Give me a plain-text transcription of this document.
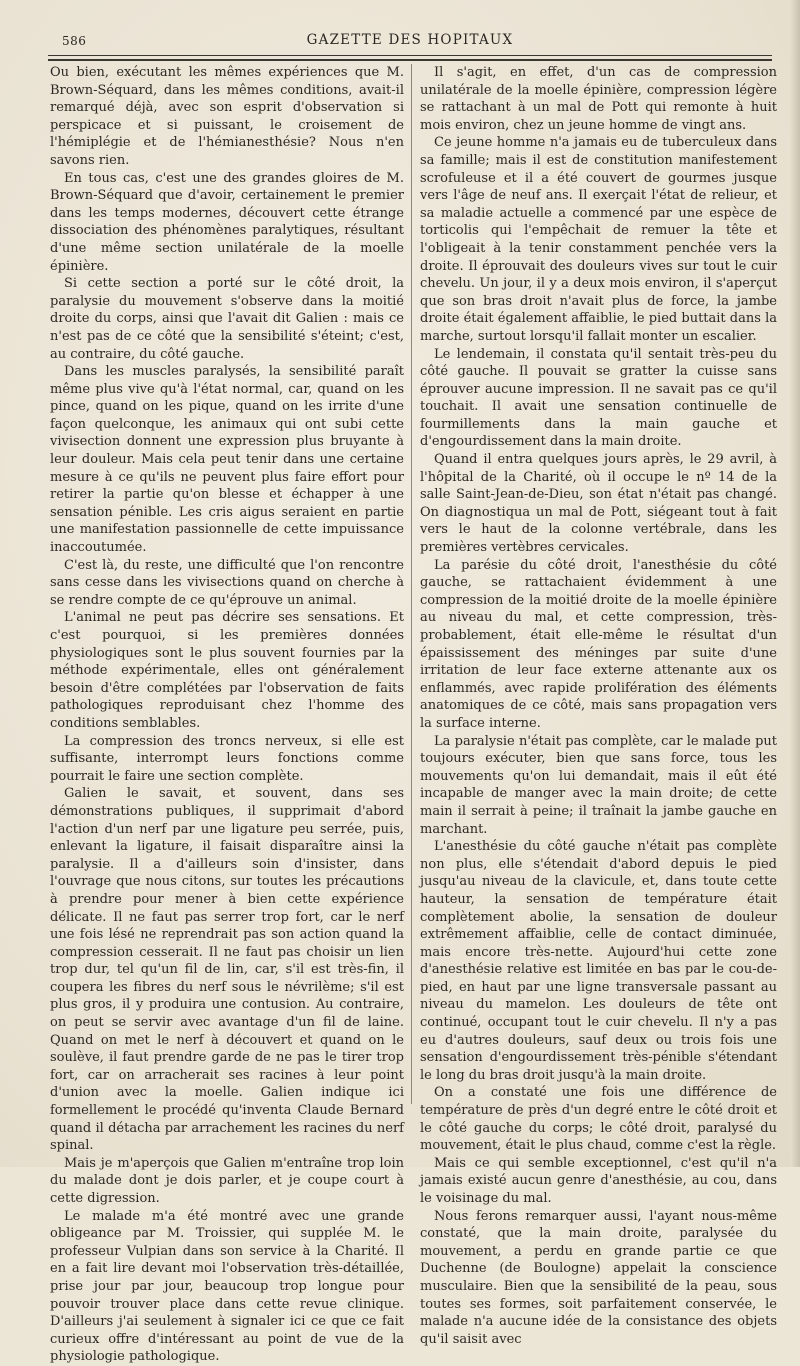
586	GAZETTE DES HOPITAUX

Ou bien, exécutant les mêmes expériences que M. Brown-Séquard, dans les mêmes conditions, avait-il remarqué déjà, avec son esprit d'observation si perspicace et si puissant, le croisement de l'hémiplégie et de l'hémianesthésie? Nous n'en savons rien.

En tous cas, c'est une des grandes gloires de M. Brown-Séquard que d'avoir, certainement le premier dans les temps modernes, découvert cette étrange dissociation des phénomènes paralytiques, résultant d'une même section unilatérale de la moelle épinière.

Si cette section a porté sur le côté droit, la paralysie du mouvement s'observe dans la moitié droite du corps, ainsi que l'avait dit Galien : mais ce n'est pas de ce côté que la sensibilité s'éteint; c'est, au contraire, du côté gauche.

Dans les muscles paralysés, la sensibilité paraît même plus vive qu'à l'état normal, car, quand on les pince, quand on les pique, quand on les irrite d'une façon quelconque, les animaux qui ont subi cette vivisection donnent une expression plus bruyante à leur douleur. Mais cela peut tenir dans une certaine mesure à ce qu'ils ne peuvent plus faire effort pour retirer la partie qu'on blesse et échapper à une sensation pénible. Les cris aigus seraient en partie une manifestation passionnelle de cette impuissance inaccoutumée.

C'est là, du reste, une difficulté que l'on rencontre sans cesse dans les vivisections quand on cherche à se rendre compte de ce qu'éprouve un animal.

L'animal ne peut pas décrire ses sensations. Et c'est pourquoi, si les premières données physiologiques sont le plus souvent fournies par la méthode expérimentale, elles ont généralement besoin d'être complétées par l'observation de faits pathologiques reproduisant chez l'homme des conditions semblables.

La compression des troncs nerveux, si elle est suffisante, interrompt leurs fonctions comme pourrait le faire une section complète.

Galien le savait, et souvent, dans ses démonstrations publiques, il supprimait d'abord l'action d'un nerf par une ligature peu serrée, puis, enlevant la ligature, il faisait disparaître ainsi la paralysie. Il a d'ailleurs soin d'insister, dans l'ouvrage que nous citons, sur toutes les précautions à prendre pour mener à bien cette expérience délicate. Il ne faut pas serrer trop fort, car le nerf une fois lésé ne reprendrait pas son action quand la compression cesserait. Il ne faut pas choisir un lien trop dur, tel qu'un fil de lin, car, s'il est très-fin, il coupera les fibres du nerf sous le névrilème; s'il est plus gros, il y produira une contusion. Au contraire, on peut se servir avec avantage d'un fil de laine. Quand on met le nerf à découvert et quand on le soulève, il faut prendre garde de ne pas le tirer trop fort, car on arracherait ses racines à leur point d'union avec la moelle. Galien indique ici formellement le procédé qu'inventa Claude Bernard quand il détacha par arrachement les racines du nerf spinal.

Mais je m'aperçois que Galien m'entraîne trop loin du malade dont je dois parler, et je coupe court à cette digression.

Le malade m'a été montré avec une grande obligeance par M. Troissier, qui supplée M. le professeur Vulpian dans son service à la Charité. Il en a fait lire devant moi l'observation très-détaillée, prise jour par jour, beaucoup trop longue pour pouvoir trouver place dans cette revue clinique. D'ailleurs j'ai seulement à signaler ici ce que ce fait curieux offre d'intéressant au point de vue de la physiologie pathologique.

Il s'agit, en effet, d'un cas de compression unilatérale de la moelle épinière, compression légère se rattachant à un mal de Pott qui remonte à huit mois environ, chez un jeune homme de vingt ans.

Ce jeune homme n'a jamais eu de tuberculeux dans sa famille; mais il est de constitution manifestement scrofuleuse et il a été couvert de gourmes jusque vers l'âge de neuf ans. Il exerçait l'état de relieur, et sa maladie actuelle a commencé par une espèce de torticolis qui l'empêchait de remuer la tête et l'obligeait à la tenir constamment penchée vers la droite. Il éprouvait des douleurs vives sur tout le cuir chevelu. Un jour, il y a deux mois environ, il s'aperçut que son bras droit n'avait plus de force, la jambe droite était également affaiblie, le pied buttait dans la marche, surtout lorsqu'il fallait monter un escalier.

Le lendemain, il constata qu'il sentait très-peu du côté gauche. Il pouvait se gratter la cuisse sans éprouver aucune impression. Il ne savait pas ce qu'il touchait. Il avait une sensation continuelle de fourmillements dans la main gauche et d'engourdissement dans la main droite.

Quand il entra quelques jours après, le 29 avril, à l'hôpital de la Charité, où il occupe le nº 14 de la salle Saint-Jean-de-Dieu, son état n'était pas changé. On diagnostiqua un mal de Pott, siégeant tout à fait vers le haut de la colonne vertébrale, dans les premières vertèbres cervicales.

La parésie du côté droit, l'anesthésie du côté gauche, se rattachaient évidemment à une compression de la moitié droite de la moelle épinière au niveau du mal, et cette compression, très-probablement, était elle-même le résultat d'un épaississement des méninges par suite d'une irritation de leur face externe attenante aux os enflammés, avec rapide prolifération des éléments anatomiques de ce côté, mais sans propagation vers la surface interne.

La paralysie n'était pas complète, car le malade put toujours exécuter, bien que sans force, tous les mouvements qu'on lui demandait, mais il eût été incapable de manger avec la main droite; de cette main il serrait à peine; il traînait la jambe gauche en marchant.

L'anesthésie du côté gauche n'était pas complète non plus, elle s'étendait d'abord depuis le pied jusqu'au niveau de la clavicule, et, dans toute cette hauteur, la sensation de température était complètement abolie, la sensation de douleur extrêmement affaiblie, celle de contact diminuée, mais encore très-nette. Aujourd'hui cette zone d'anesthésie relative est limitée en bas par le cou-de-pied, en haut par une ligne transversale passant au niveau du mamelon. Les douleurs de tête ont continué, occupant tout le cuir chevelu. Il n'y a pas eu d'autres douleurs, sauf deux ou trois fois une sensation d'engourdissement très-pénible s'étendant le long du bras droit jusqu'à la main droite.

On a constaté une fois une différence de température de près d'un degré entre le côté droit et le côté gauche du corps; le côté droit, paralysé du mouvement, était le plus chaud, comme c'est la règle.

Mais ce qui semble exceptionnel, c'est qu'il n'a jamais existé aucun genre d'anesthésie, au cou, dans le voisinage du mal.

Nous ferons remarquer aussi, l'ayant nous-même constaté, que la main droite, paralysée du mouvement, a perdu en grande partie ce que Duchenne (de Boulogne) appelait la conscience musculaire. Bien que la sensibilité de la peau, sous toutes ses formes, soit parfaitement conservée, le malade n'a aucune idée de la consistance des objets qu'il saisit avec
